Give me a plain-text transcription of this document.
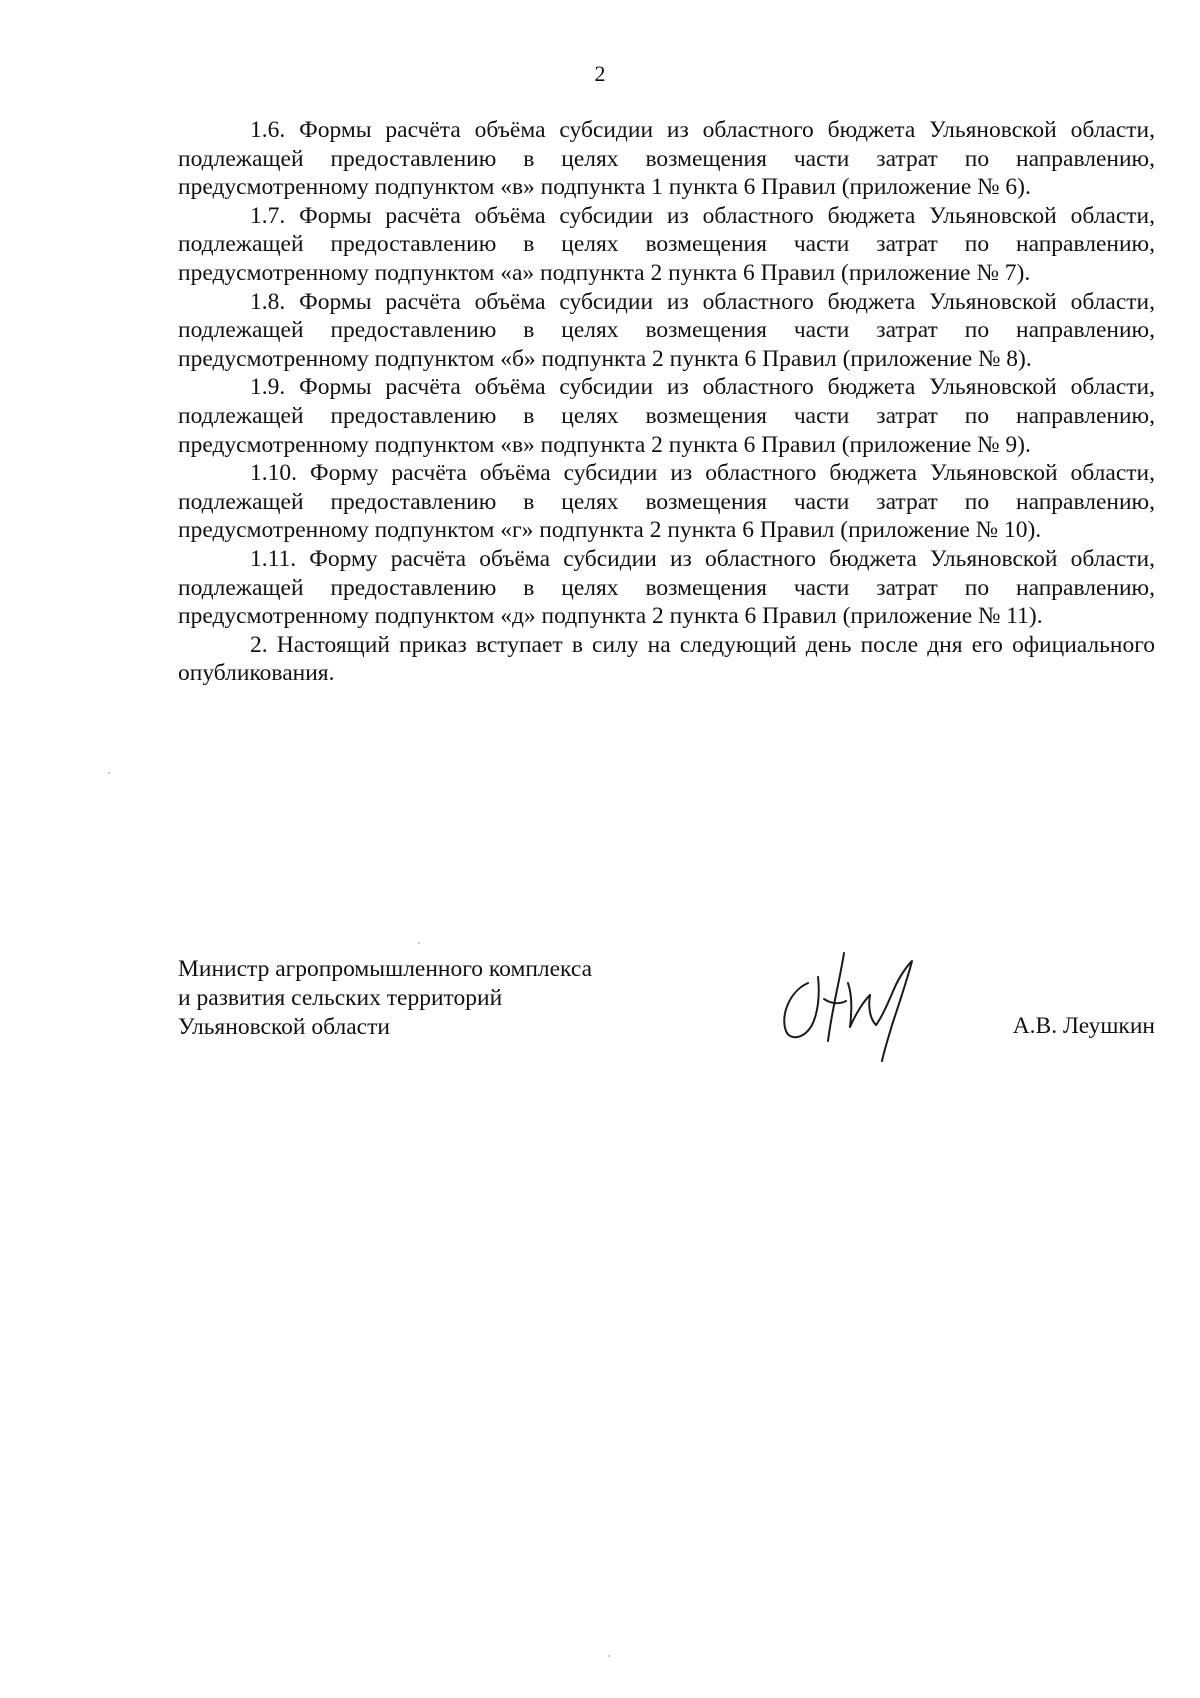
2

1.6. Формы расчёта объёма субсидии из областного бюджета Ульяновской области, подлежащей предоставлению в целях возмещения части затрат по направлению, предусмотренному подпунктом «в» подпункта 1 пункта 6 Правил (приложение № 6).

1.7. Формы расчёта объёма субсидии из областного бюджета Ульяновской области, подлежащей предоставлению в целях возмещения части затрат по направлению, предусмотренному подпунктом «а» подпункта 2 пункта 6 Правил (приложение № 7).

1.8. Формы расчёта объёма субсидии из областного бюджета Ульяновской области, подлежащей предоставлению в целях возмещения части затрат по направлению, предусмотренному подпунктом «б» подпункта 2 пункта 6 Правил (приложение № 8).

1.9. Формы расчёта объёма субсидии из областного бюджета Ульяновской области, подлежащей предоставлению в целях возмещения части затрат по направлению, предусмотренному подпунктом «в» подпункта 2 пункта 6 Правил (приложение № 9).

1.10. Форму расчёта объёма субсидии из областного бюджета Ульяновской области, подлежащей предоставлению в целях возмещения части затрат по направлению, предусмотренному подпунктом «г» подпункта 2 пункта 6 Правил (приложение № 10).

1.11. Форму расчёта объёма субсидии из областного бюджета Ульяновской области, подлежащей предоставлению в целях возмещения части затрат по направлению, предусмотренному подпунктом «д» подпункта 2 пункта 6 Правил (приложение № 11).

2. Настоящий приказ вступает в силу на следующий день после дня его официального опубликования.

Министр агропромышленного комплекса
и развития сельских территорий
Ульяновской области	А.В. Леушкин
